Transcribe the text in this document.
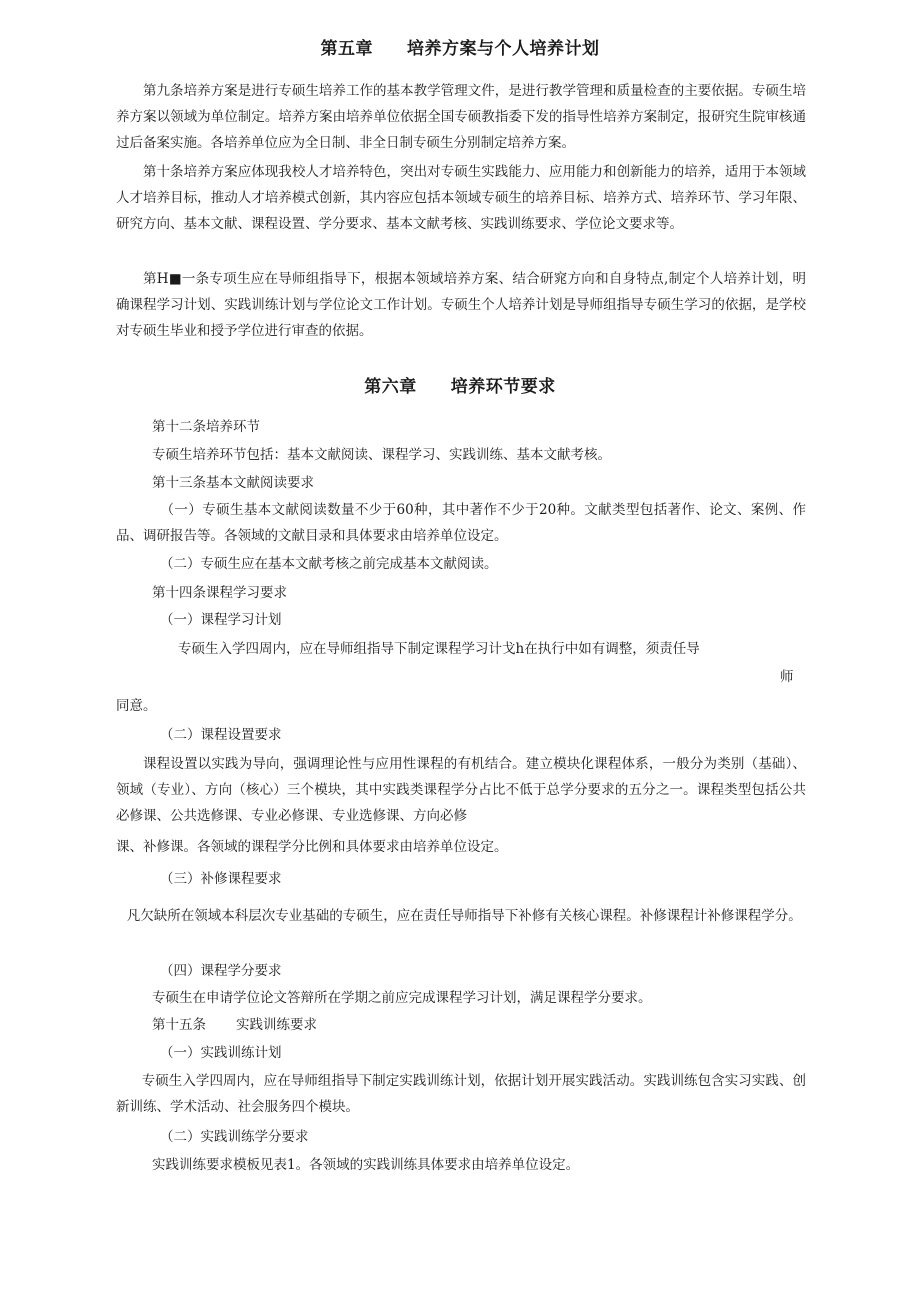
第五章 培养方案与个人培养计划

第九条培养方案是进行专硕生培养工作的基本教学管理文件，是进行教学管理和质量检查的主要依据。专硕生培养方案以领域为单位制定。培养方案由培养单位依据全国专硕教指委下发的指导性培养方案制定，报研究生院审核通过后备案实施。各培养单位应为全日制、非全日制专硕生分别制定培养方案。

第十条培养方案应体现我校人才培养特色，突出对专硕生实践能力、应用能力和创新能力的培养，适用于本领域人才培养目标，推动人才培养模式创新，其内容应包括本领域专硕生的培养目标、培养方式、培养环节、学习年限、研究方向、基本文献、课程设置、学分要求、基本文献考核、实践训练要求、学位论文要求等。

第H■一条专项生应在导师组指导下，根据本领域培养方案、结合研窕方向和自身特点,制定个人培养计划，明确课程学习计划、实践训练计划与学位论文工作计划。专硕生个人培养计划是导师组指导专硕生学习的依据，是学校对专硕生毕业和授予学位进行审查的依据。

第六章 培养环节要求
第十二条培养环节
专硕生培养环节包括：基本文献阅读、课程学习、实践训练、基本文献考核。
第十三条基本文献阅读要求

（一）专硕生基本文献阅读数量不少于60种，其中著作不少于20种。文献类型包括著作、论文、案例、作品、调研报告等。各领域的文献目录和具体要求由培养单位设定。

（二）专硕生应在基本文献考核之前完成基本文献阅读。
第十四条课程学习要求
（一）课程学习计划
专硕生入学四周内，应在导师组指导下制定课程学习计戈h在执行中如有调整，须责任导
师
同意。
（二）课程设置要求

课程设置以实践为导向，强调理论性与应用性课程的有机结合。建立模块化课程体系，一般分为类别（基础）、领域（专业）、方向（核心）三个模块，其中实践类课程学分占比不低于总学分要求的五分之一。课程类型包括公共必修课、公共选修课、专业必修课、专业选修课、方向必修

课、补修课。各领域的课程学分比例和具体要求由培养单位设定。
（三）补修课程要求

凡欠缺所在领域本科层次专业基础的专硕生，应在责任导师指导下补修有关核心课程。补修课程计补修课程学分。

（四）课程学分要求
专硕生在申请学位论文答辩所在学期之前应完成课程学习计划，满足课程学分要求。
第十五条 实践训练要求
（一）实践训练计划

专硕生入学四周内，应在导师组指导下制定实践训练计划，依据计划开展实践活动。实践训练包含实习实践、创新训练、学术活动、社会服务四个模块。

（二）实践训练学分要求
实践训练要求模板见表1。各领域的实践训练具体要求由培养单位设定。
